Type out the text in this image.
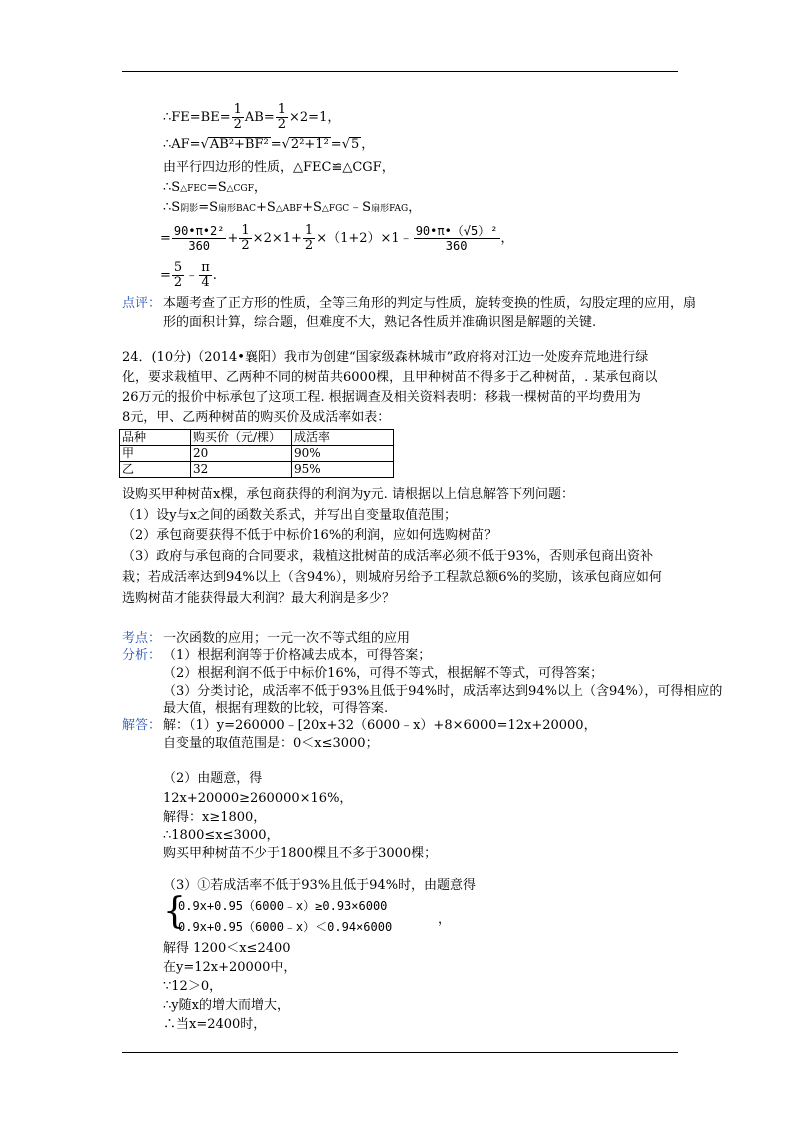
∴FE=BE= $\frac{1}{2} AB= \frac{1}{2} \times 2=1$，
∴AF=√AB²+BF² =√2²+1² =√5 ，
由平行四边形的性质，△FEC≌△CGF，
∴S△FEC=S△CGF，
∴S阴影=S扇形BAC+S△ABF+S△FGC﹣S扇形FAG，
= $\frac{\text{90•π•2²}}{360} + \frac{1}{2} \times 2\times 1+ \frac{1}{2}$ ×（1+2）×1﹣ $\frac{\text{90•π•（√5）²}}{360}$ ，
= $\frac{5}{2}$ ﹣ $\frac{\pi}{4}$ .
点评： 本题考查了正方形的性质，全等三角形的判定与性质，旋转变换的性质，勾股定理的应用，扇
形的面积计算，综合题，但难度不大，熟记各性质并准确识图是解题的关键.
24．(10分)（2014•襄阳）我市为创建“国家级森林城市”政府将对江边一处废弃荒地进行绿
化，要求栽植甲、乙两种不同的树苗共6000棵，且甲种树苗不得多于乙种树苗，. 某承包商以
26万元的报价中标承包了这项工程. 根据调查及相关资料表明：移栽一棵树苗的平均费用为
8元，甲、乙两种树苗的购买价及成活率如表：
品种	购买价（元/棵）	成活率
甲	20	90%
乙	32	95%
设购买甲种树苗x棵，承包商获得的利润为y元. 请根据以上信息解答下列问题：
（1）设y与x之间的函数关系式，并写出自变量取值范围；
（2）承包商要获得不低于中标价16%的利润，应如何选购树苗？
（3）政府与承包商的合同要求，栽植这批树苗的成活率必须不低于93%，否则承包商出资补
栽；若成活率达到94%以上（含94%），则城府另给予工程款总额6%的奖励，该承包商应如何
选购树苗才能获得最大利润？最大利润是多少？
考点： 一次函数的应用；一元一次不等式组的应用
分析： （1）根据利润等于价格减去成本，可得答案；
（2）根据利润不低于中标价16%，可得不等式，根据解不等式，可得答案；
（3）分类讨论，成活率不低于93%且低于94%时，成活率达到94%以上（含94%），可得相应的
最大值，根据有理数的比较，可得答案.
解答： 解：（1）y=260000﹣[20x+32（6000﹣x）+8×6000=12x+20000，
自变量的取值范围是：0＜x≤3000；
（2）由题意，得
12x+20000≥260000×16%，
解得：x≥1800，
∴1800≤x≤3000，
购买甲种树苗不少于1800棵且不多于3000棵；
（3）①若成活率不低于93%且低于94%时，由题意得
{
0.9x+0.95（6000﹣x）≥0.93×6000
0.9x+0.95（6000﹣x）＜0.94×6000	，
解得 1200＜x≤2400
在y=12x+20000中，
∵12＞0，
∴y随x的增大而增大，
∴当x=2400时，
